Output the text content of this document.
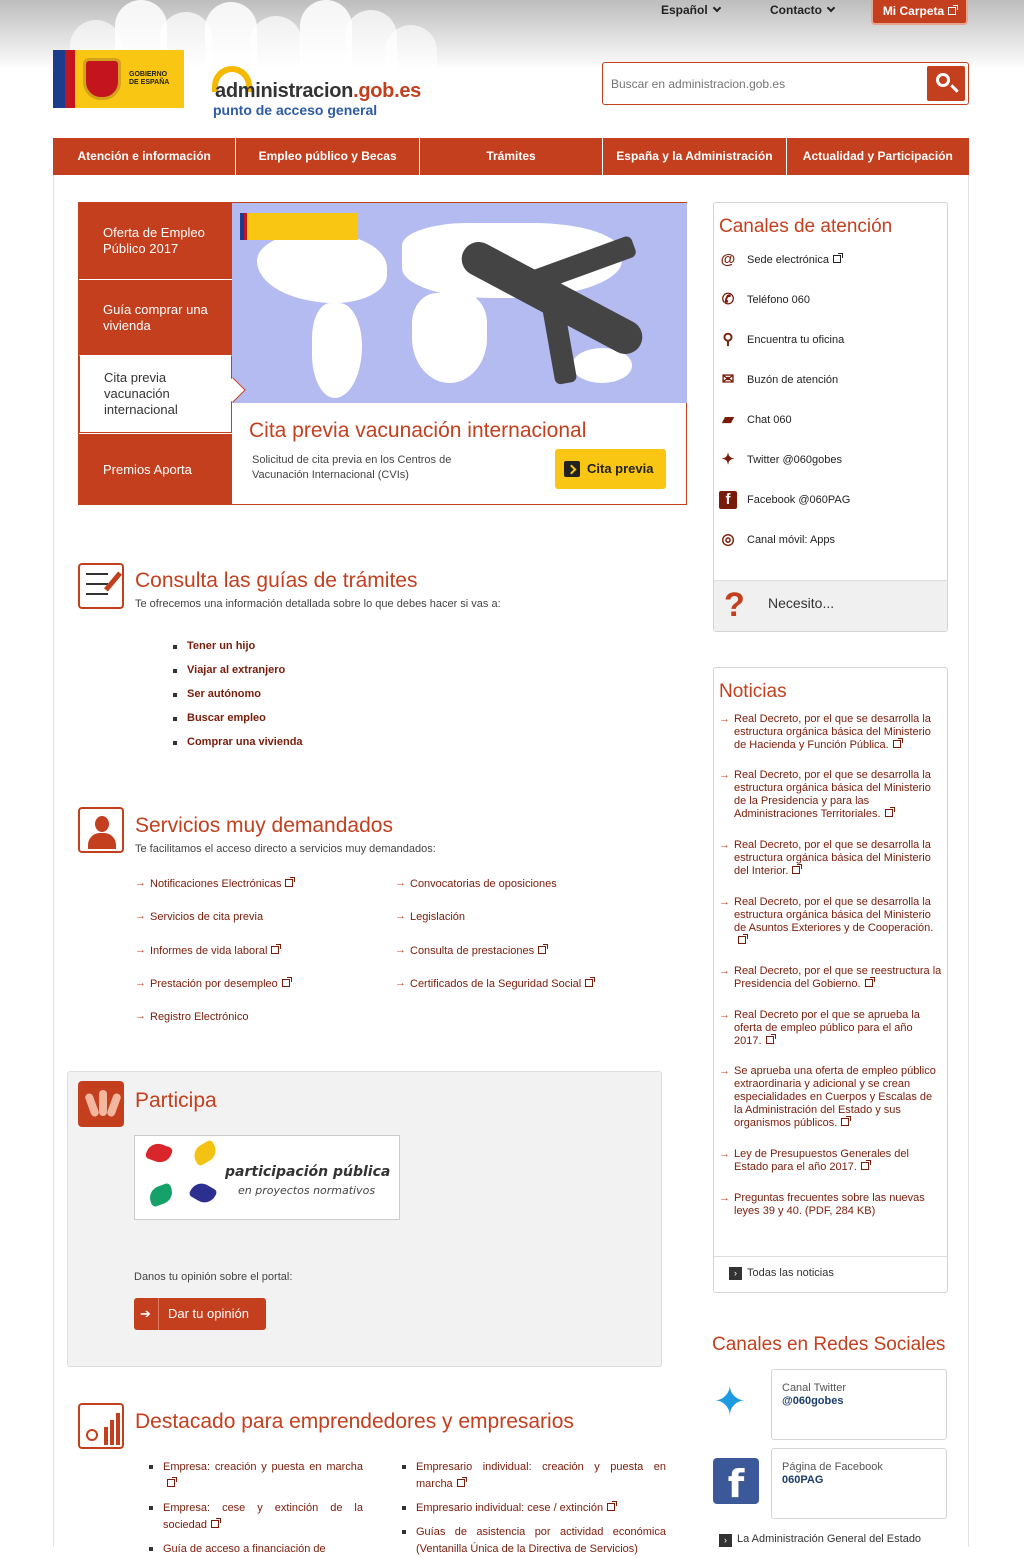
Español	Contacto	Mi Carpeta
GOBIERNO
DE ESPAÑA administracion.gob.es
punto de acceso general
Buscar en administracion.gob.es
Atención e información	Empleo público y Becas	Trámites	España y la Administración	Actualidad y Participación
Oferta de Empleo Público 2017
Guía comprar una vivienda
Cita previa vacunación internacional
Premios Aporta
Cita previa vacunación internacional
Solicitud de cita previa en los Centros de Vacunación Internacional (CVIs)	Cita previa
Consulta las guías de trámites
Te ofrecemos una información detallada sobre lo que debes hacer si vas a:
Tener un hijo
Viajar al extranjero
Ser autónomo
Buscar empleo
Comprar una vivienda
Servicios muy demandados
Te facilitamos el acceso directo a servicios muy demandados:
→ Notificaciones Electrónicas
→ Servicios de cita previa
→ Informes de vida laboral
→ Prestación por desempleo
→ Registro Electrónico
→ Convocatorias de oposiciones
→ Legislación
→ Consulta de prestaciones
→ Certificados de la Seguridad Social
Participa
participación pública
en proyectos normativos
Danos tu opinión sobre el portal:
➔ Dar tu opinión
Destacado para emprendedores y empresarios
Empresa: creación y puesta en marcha
Empresa: cese y extinción de la sociedad
Guía de acceso a financiación de
Empresario individual: creación y puesta en marcha
Empresario individual: cese / extinción
Guías de asistencia por actividad económica (Ventanilla Única de la Directiva de Servicios)
Canales de atención
@ Sede electrónica
✆ Teléfono 060
⚲	Encuentra tu oficina
✉ Buzón de atención
▰ Chat 060
✦ Twitter @060gobes
f	Facebook @060PAG
◎ Canal móvil: Apps
? Necesito...
Noticias
→ Real Decreto, por el que se desarrolla la estructura orgánica básica del Ministerio de Hacienda y Función Pública.
→ Real Decreto, por el que se desarrolla la estructura orgánica básica del Ministerio de la Presidencia y para las Administraciones Territoriales.
→ Real Decreto, por el que se desarrolla la estructura orgánica básica del Ministerio del Interior.
→ Real Decreto, por el que se desarrolla la estructura orgánica básica del Ministerio de Asuntos Exteriores y de Cooperación.
→ Real Decreto, por el que se reestructura la Presidencia del Gobierno.
→ Real Decreto por el que se aprueba la oferta de empleo público para el año 2017.
→ Se aprueba una oferta de empleo público extraordinaria y adicional y se crean especialidades en Cuerpos y Escalas de la Administración del Estado y sus organismos públicos.
→ Ley de Presupuestos Generales del Estado para el año 2017.
→ Preguntas frecuentes sobre las nuevas leyes 39 y 40. (PDF, 284 KB)
› Todas las noticias
Canales en Redes Sociales
✦	Canal Twitter
@060gobes
f	Página de Facebook
060PAG
› La Administración General del Estado
